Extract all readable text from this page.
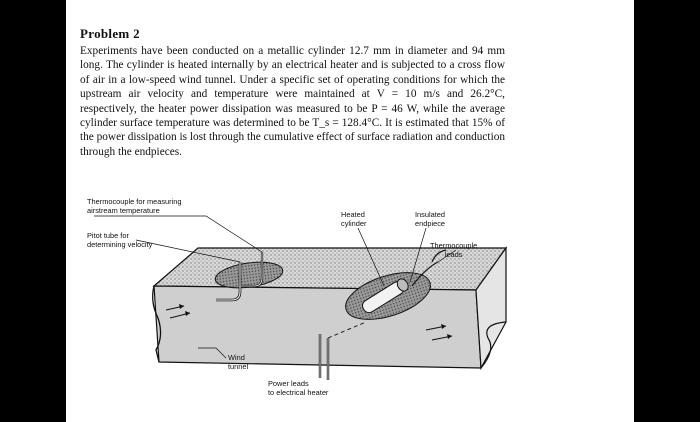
Problem 2

Experiments have been conducted on a metallic cylinder 12.7 mm in diameter and 94 mm long. The cylinder is heated internally by an electrical heater and is subjected to a cross flow of air in a low-speed wind tunnel. Under a specific set of operating conditions for which the upstream air velocity and temperature were maintained at V = 10 m/s and 26.2°C, respectively, the heater power dissipation was measured to be P = 46 W, while the average cylinder surface temperature was determined to be T_s = 128.4°C. It is estimated that 15% of the power dissipation is lost through the cumulative effect of surface radiation and conduction through the endpieces.

Thermocouple for measuring
airstream temperature
Pitot tube for
determining velocity
Heated
cylinder
Insulated
endpiece
Thermocouple
leads
Wind
tunnel
Power leads
to electrical heater
